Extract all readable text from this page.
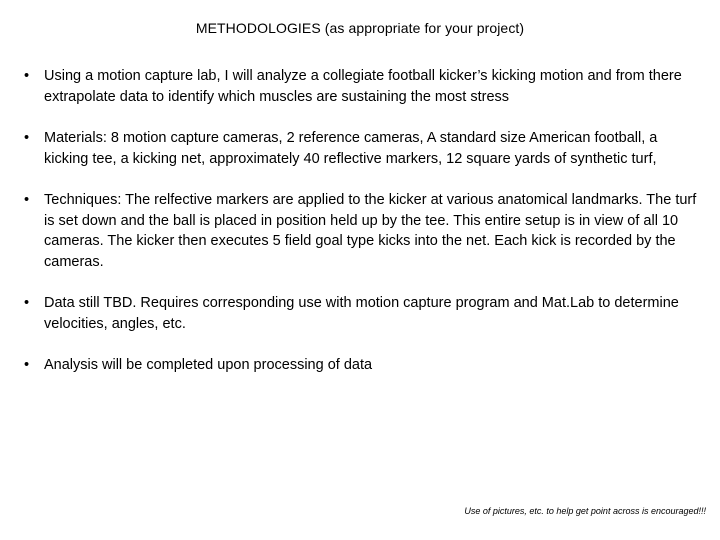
METHODOLOGIES (as appropriate for your project)
•	Using a motion capture lab, I will analyze a collegiate football kicker’s kicking motion and from there extrapolate data to identify which muscles are sustaining the most stress
•	Materials: 8 motion capture cameras, 2 reference cameras, A standard size American football, a kicking tee, a kicking net, approximately 40 reflective markers, 12 square yards of synthetic turf,
•	Techniques: The relfective markers are applied to the kicker at various anatomical landmarks. The turf is set down and the ball is placed in position held up by the tee. This entire setup is in view of all 10 cameras. The kicker then executes 5 field goal type kicks into the net. Each kick is recorded by the cameras.
•	Data still TBD. Requires corresponding use with motion capture program and Mat.Lab to determine velocities, angles, etc.
•	Analysis will be completed upon processing of data
Use of pictures, etc. to help get point across is encouraged!!!
